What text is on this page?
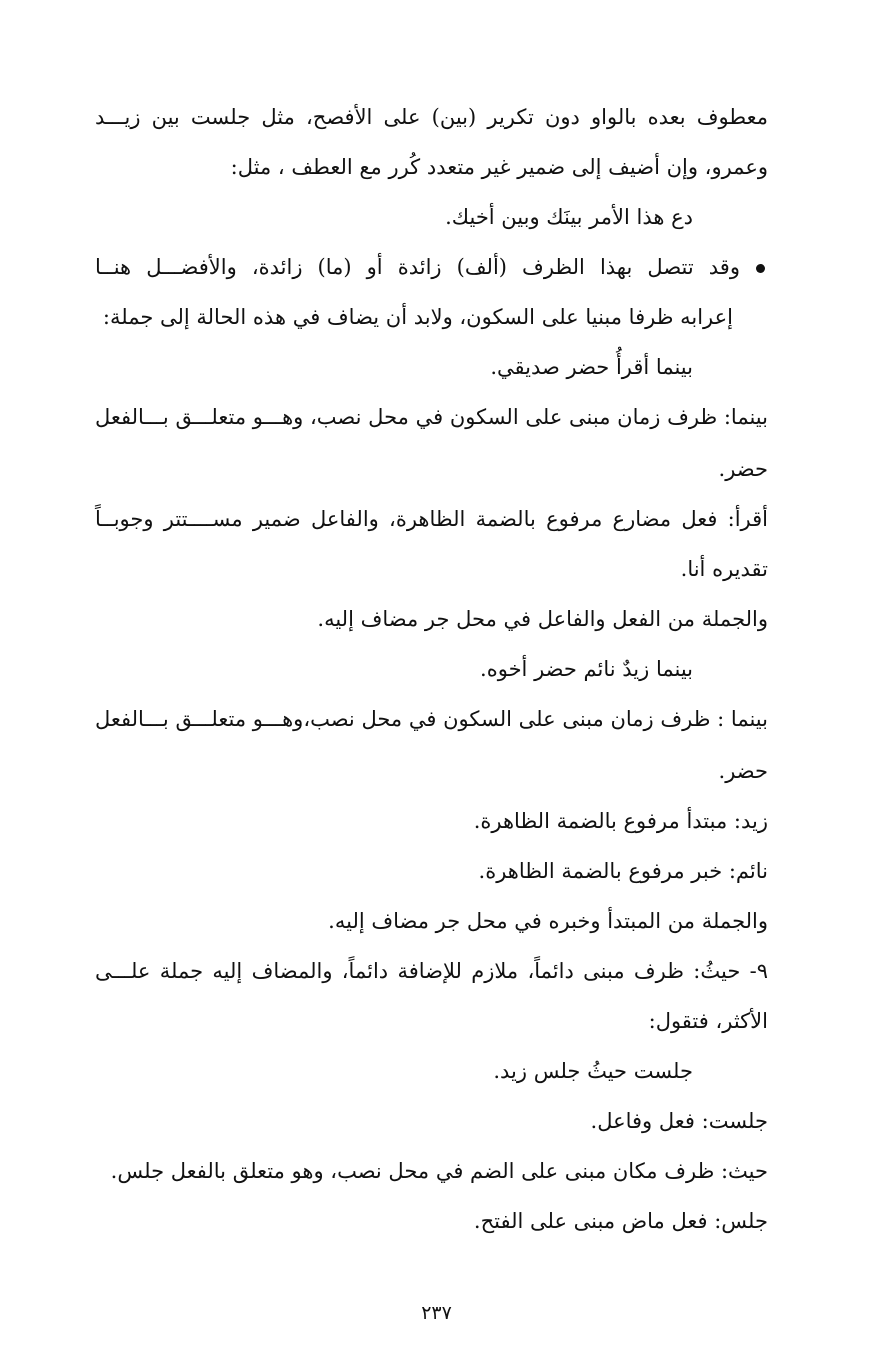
معطوف بعده بالواو دون تكرير (بين) على الأفصح، مثل جلست بين زيـــد
وعمرو، وإن أضيف إلى ضمير غير متعدد كُرر مع العطف ، مثل:
دع هذا الأمر بينَك وبين أخيك.
وقد تتصل بهذا الظرف (ألف) زائدة أو (ما) زائدة، والأفضـــل هنــا
إعرابه ظرفا مبنيا على السكون، ولابد أن يضاف في هذه الحالة إلى جملة:
بينما أقرأُ حضر صديقي.
بينما: ظرف زمان مبنى على السكون في محل نصب، وهـــو متعلـــق بـــالفعل
حضر.
أقرأ: فعل مضارع مرفوع بالضمة الظاهرة، والفاعل ضمير مســــتتر وجوبــاً
تقديره أنا.
والجملة من الفعل والفاعل في محل جر مضاف إليه.
بينما زيدٌ نائم حضر أخوه.
بينما : ظرف زمان مبنى على السكون في محل نصب،وهـــو متعلـــق بـــالفعل
حضر.
زيد: مبتدأ مرفوع بالضمة الظاهرة.
نائم: خبر مرفوع بالضمة الظاهرة.
والجملة من المبتدأ وخبره في محل جر مضاف إليه.
٩- حيثُ: ظرف مبنى دائماً، ملازم للإضافة دائماً، والمضاف إليه جملة علـــى
الأكثر، فتقول:
جلست حيثُ جلس زيد.
جلست: فعل وفاعل.
حيث: ظرف مكان مبنى على الضم في محل نصب، وهو متعلق بالفعل جلس.
جلس: فعل ماض مبنى على الفتح.
٢٣٧
